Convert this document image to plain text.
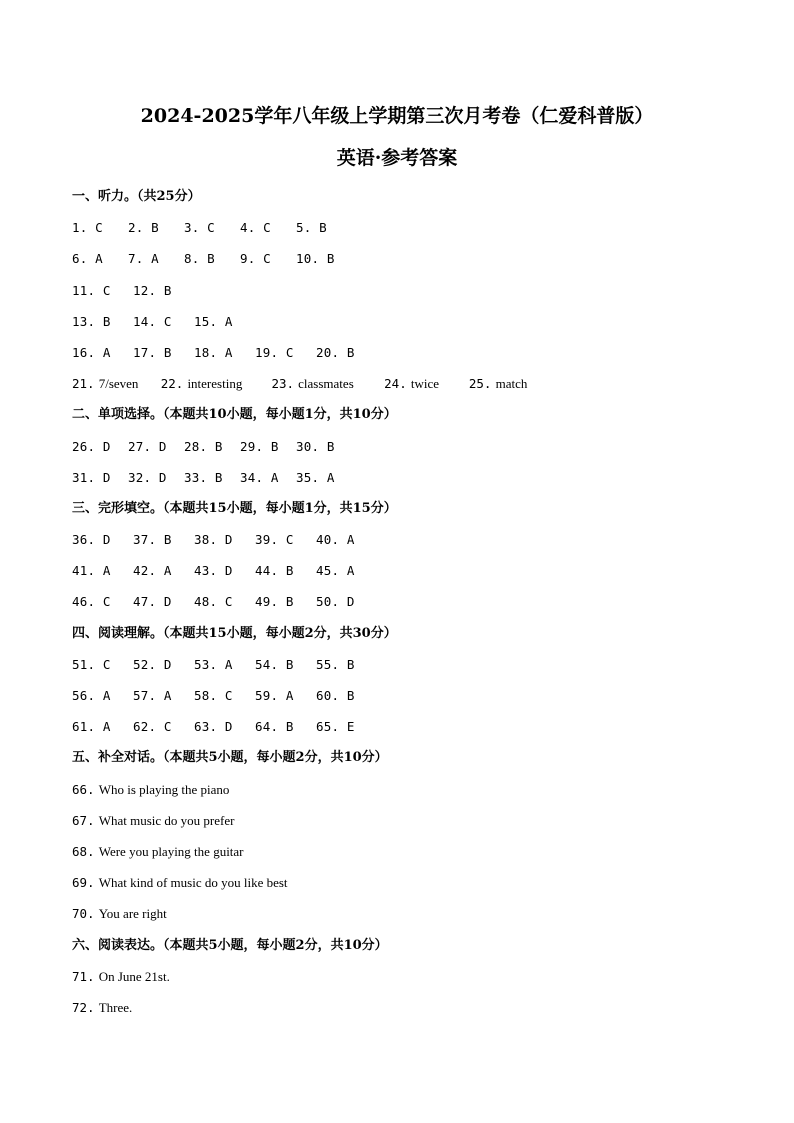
2024-2025学年八年级上学期第三次月考卷（仁爱科普版）
英语·参考答案
一、听力。（共25分）
1. C 2. B 3. C 4. C 5. B
6. A 7. A 8. B 9. C 10. B
11. C 12. B
13. B 14. C 15. A
16. A 17. B 18. A 19. C 20. B
21. 7/seven 22. interesting 23. classmates 24. twice 25. match
二、单项选择。（本题共10小题，每小题1分，共10分）
26. D 27. D 28. B 29. B 30. B
31. D 32. D 33. B 34. A 35. A
三、完形填空。（本题共15小题，每小题1分，共15分）
36. D 37. B 38. D 39. C 40. A
41. A 42. A 43. D 44. B 45. A
46. C 47. D 48. C 49. B 50. D
四、阅读理解。（本题共15小题，每小题2分，共30分）
51. C 52. D 53. A 54. B 55. B
56. A 57. A 58. C 59. A 60. B
61. A 62. C 63. D 64. B 65. E
五、补全对话。（本题共5小题，每小题2分，共10分）
66. Who is playing the piano
67. What music do you prefer
68. Were you playing the guitar
69. What kind of music do you like best
70. You are right
六、阅读表达。（本题共5小题，每小题2分，共10分）
71. On June 21st.
72. Three.
